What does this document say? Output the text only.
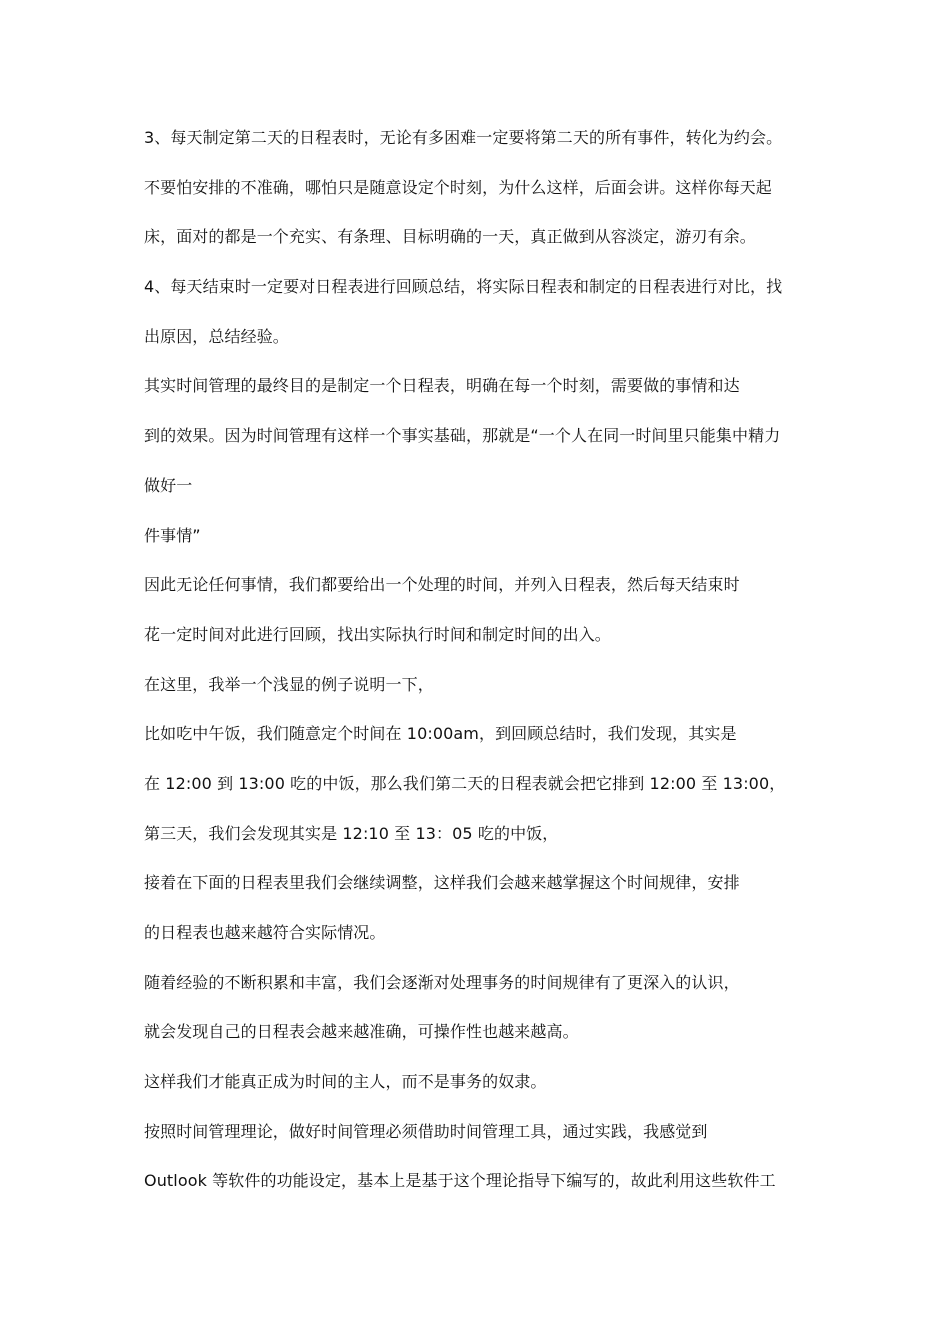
3、每天制定第二天的日程表时，无论有多困难一定要将第二天的所有事件，转化为约会。
不要怕安排的不准确，哪怕只是随意设定个时刻，为什么这样，后面会讲。这样你每天起
床，面对的都是一个充实、有条理、目标明确的一天，真正做到从容淡定，游刃有余。
4、每天结束时一定要对日程表进行回顾总结，将实际日程表和制定的日程表进行对比，找
出原因，总结经验。
其实时间管理的最终目的是制定一个日程表，明确在每一个时刻，需要做的事情和达
到的效果。因为时间管理有这样一个事实基础，那就是“一个人在同一时间里只能集中精力
做好一
件事情”
因此无论任何事情，我们都要给出一个处理的时间，并列入日程表，然后每天结束时
花一定时间对此进行回顾，找出实际执行时间和制定时间的出入。
在这里，我举一个浅显的例子说明一下，
比如吃中午饭，我们随意定个时间在 10:00am，到回顾总结时，我们发现，其实是
在 12:00 到 13:00 吃的中饭，那么我们第二天的日程表就会把它排到 12:00 至 13:00，
第三天，我们会发现其实是 12:10 至 13：05 吃的中饭，
接着在下面的日程表里我们会继续调整，这样我们会越来越掌握这个时间规律，安排
的日程表也越来越符合实际情况。
随着经验的不断积累和丰富，我们会逐渐对处理事务的时间规律有了更深入的认识，
就会发现自己的日程表会越来越准确，可操作性也越来越高。
这样我们才能真正成为时间的主人，而不是事务的奴隶。
按照时间管理理论，做好时间管理必须借助时间管理工具，通过实践，我感觉到
Outlook 等软件的功能设定，基本上是基于这个理论指导下编写的，故此利用这些软件工
